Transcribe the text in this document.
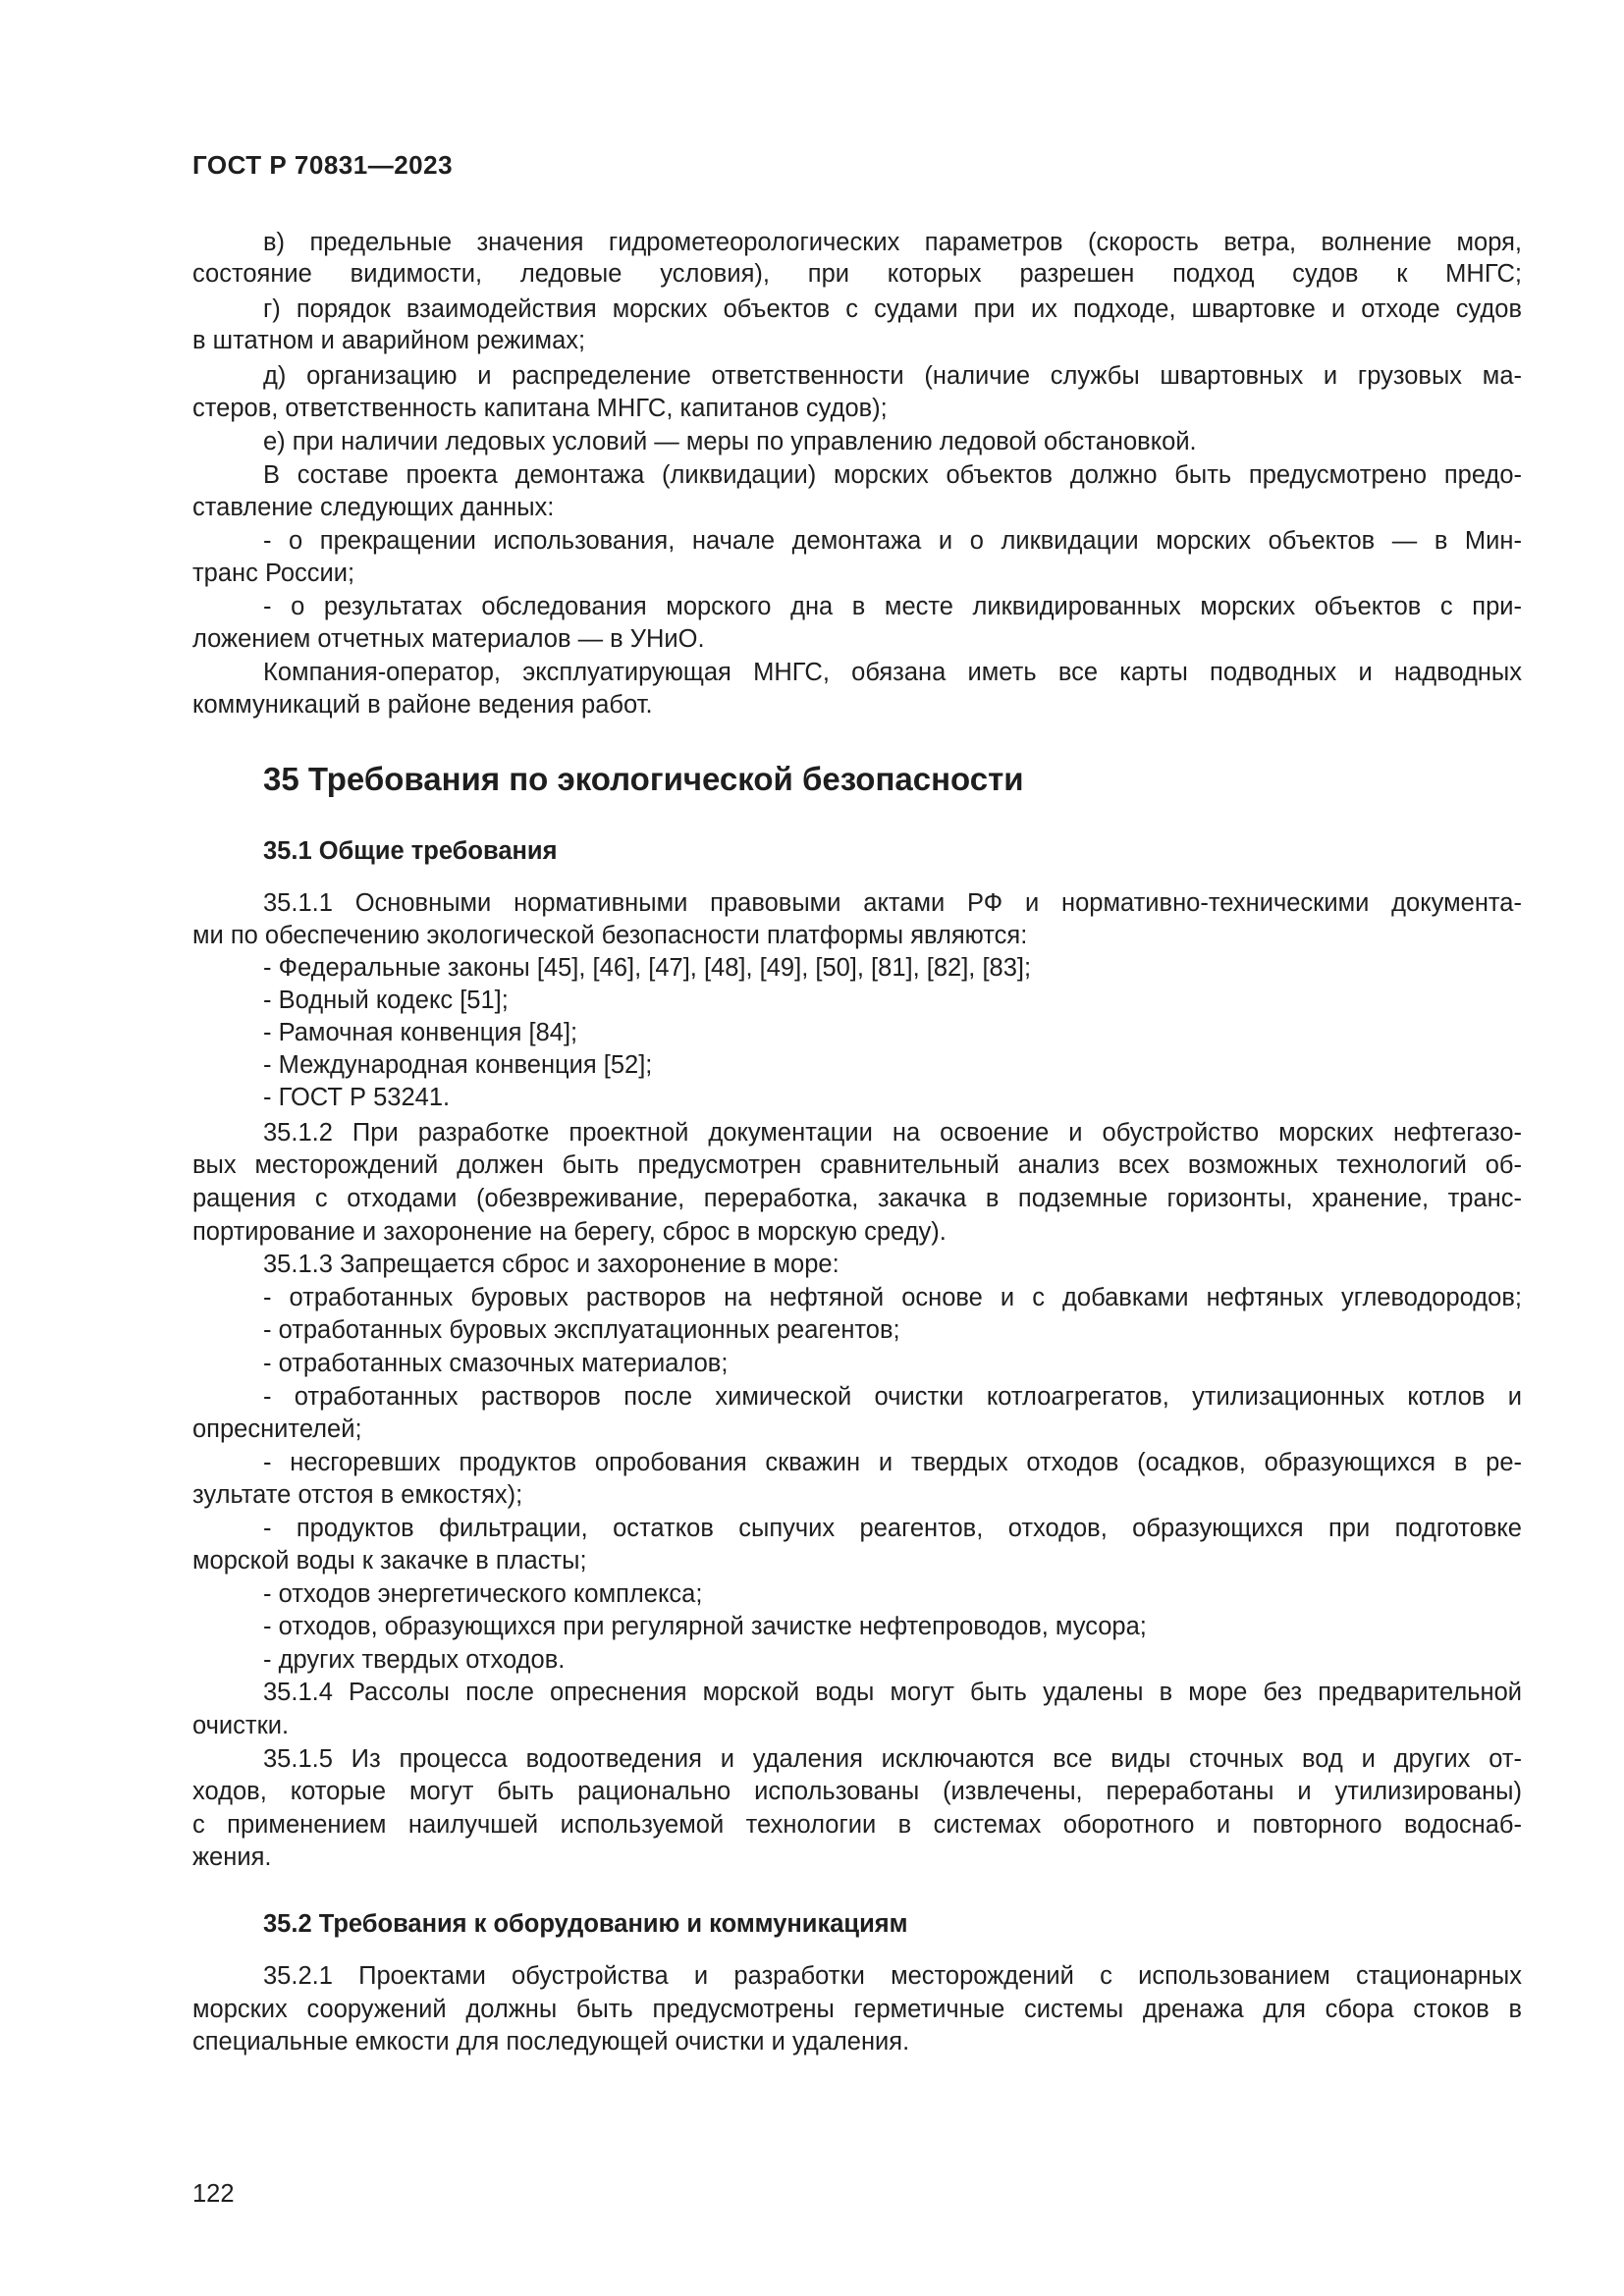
ГОСТ Р 70831—2023
в) предельные значения гидрометеорологических параметров (скорость ветра, волнение моря,
состояние видимости, ледовые условия), при которых разрешен подход судов к МНГС;
г) порядок взаимодействия морских объектов с судами при их подходе, швартовке и отходе судов
в штатном и аварийном режимах;
д) организацию и распределение ответственности (наличие службы швартовных и грузовых ма-
стеров, ответственность капитана МНГС, капитанов судов);
е) при наличии ледовых условий — меры по управлению ледовой обстановкой.
В составе проекта демонтажа (ликвидации) морских объектов должно быть предусмотрено предо-
ставление следующих данных:
- о прекращении использования, начале демонтажа и о ликвидации морских объектов — в Мин-
транс России;
- о результатах обследования морского дна в месте ликвидированных морских объектов с при-
ложением отчетных материалов — в УНиО.
Компания-оператор, эксплуатирующая МНГС, обязана иметь все карты подводных и надводных
коммуникаций в районе ведения работ.
35 Требования по экологической безопасности
35.1 Общие требования
35.1.1 Основными нормативными правовыми актами РФ и нормативно-техническими документа-
ми по обеспечению экологической безопасности платформы являются:
- Федеральные законы [45], [46], [47], [48], [49], [50], [81], [82], [83];
- Водный кодекс [51];
- Рамочная конвенция [84];
- Международная конвенция [52];
- ГОСТ Р 53241.
35.1.2 При разработке проектной документации на освоение и обустройство морских нефтегазо-
вых месторождений должен быть предусмотрен сравнительный анализ всех возможных технологий об-
ращения с отходами (обезвреживание, переработка, закачка в подземные горизонты, хранение, транс-
портирование и захоронение на берегу, сброс в морскую среду).
35.1.3 Запрещается сброс и захоронение в море:
- отработанных буровых растворов на нефтяной основе и с добавками нефтяных углеводородов;
- отработанных буровых эксплуатационных реагентов;
- отработанных смазочных материалов;
- отработанных растворов после химической очистки котлоагрегатов, утилизационных котлов и
опреснителей;
- несгоревших продуктов опробования скважин и твердых отходов (осадков, образующихся в ре-
зультате отстоя в емкостях);
- продуктов фильтрации, остатков сыпучих реагентов, отходов, образующихся при подготовке
морской воды к закачке в пласты;
- отходов энергетического комплекса;
- отходов, образующихся при регулярной зачистке нефтепроводов, мусора;
- других твердых отходов.
35.1.4 Рассолы после опреснения морской воды могут быть удалены в море без предварительной
очистки.
35.1.5 Из процесса водоотведения и удаления исключаются все виды сточных вод и других от-
ходов, которые могут быть рационально использованы (извлечены, переработаны и утилизированы)
с применением наилучшей используемой технологии в системах оборотного и повторного водоснаб-
жения.
35.2 Требования к оборудованию и коммуникациям
35.2.1 Проектами обустройства и разработки месторождений с использованием стационарных
морских сооружений должны быть предусмотрены герметичные системы дренажа для сбора стоков в
специальные емкости для последующей очистки и удаления.
122
